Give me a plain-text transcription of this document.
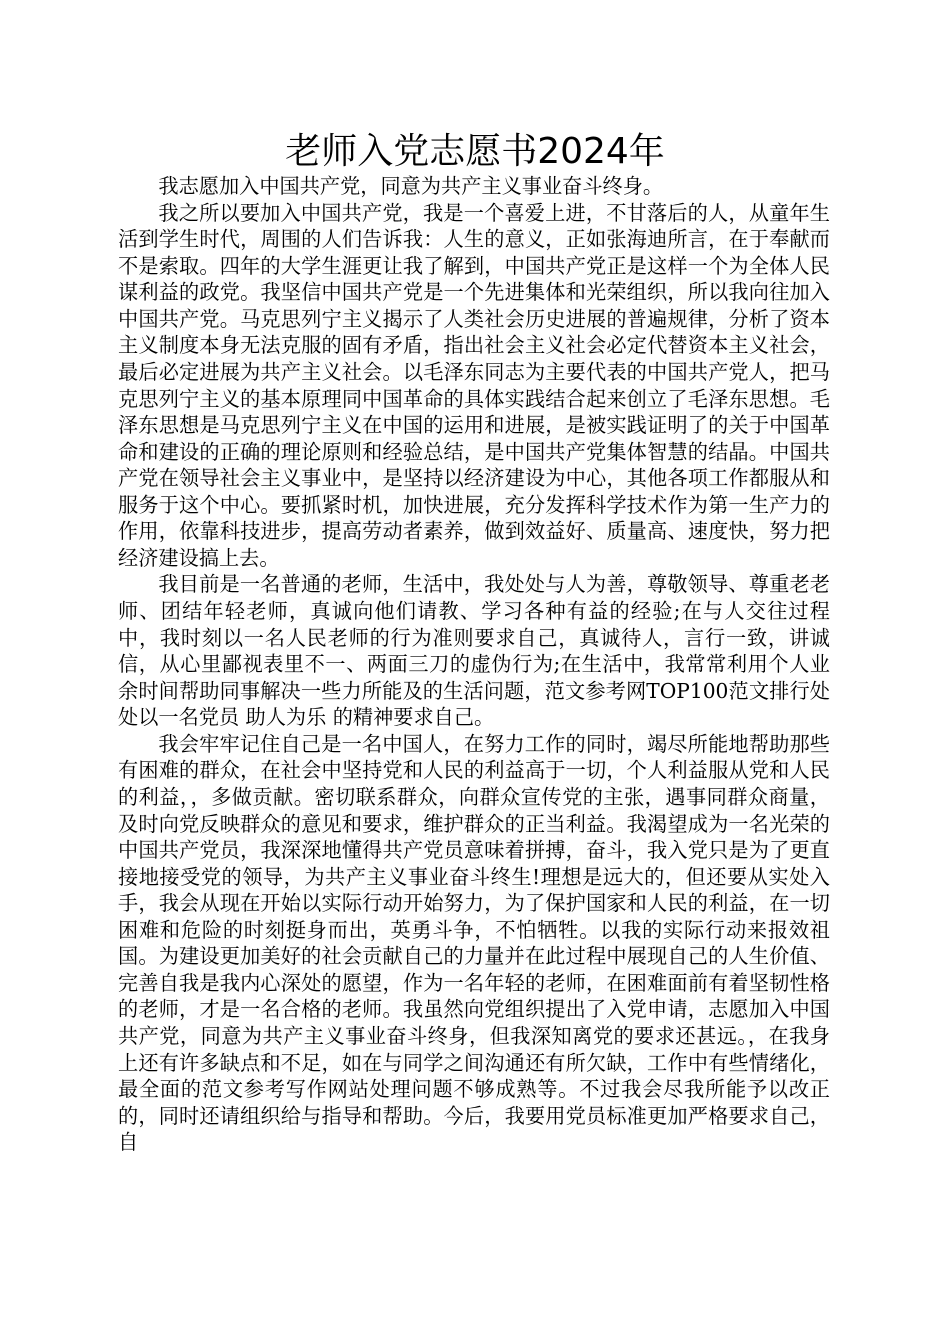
老师入党志愿书2024年

我志愿加入中国共产党，同意为共产主义事业奋斗终身。

我之所以要加入中国共产党，我是一个喜爱上进，不甘落后的人，从童年生活到学生时代，周围的人们告诉我：人生的意义，正如张海迪所言，在于奉献而不是索取。四年的大学生涯更让我了解到，中国共产党正是这样一个为全体人民谋利益的政党。我坚信中国共产党是一个先进集体和光荣组织，所以我向往加入中国共产党。马克思列宁主义揭示了人类社会历史进展的普遍规律，分析了资本主义制度本身无法克服的固有矛盾，指出社会主义社会必定代替资本主义社会，最后必定进展为共产主义社会。以毛泽东同志为主要代表的中国共产党人，把马克思列宁主义的基本原理同中国革命的具体实践结合起来创立了毛泽东思想。毛泽东思想是马克思列宁主义在中国的运用和进展，是被实践证明了的关于中国革命和建设的正确的理论原则和经验总结，是中国共产党集体智慧的结晶。中国共产党在领导社会主义事业中，是坚持以经济建设为中心，其他各项工作都服从和服务于这个中心。要抓紧时机，加快进展，充分发挥科学技术作为第一生产力的作用，依靠科技进步，提高劳动者素养，做到效益好、质量高、速度快，努力把经济建设搞上去。

我目前是一名普通的老师，生活中，我处处与人为善，尊敬领导、尊重老老师、团结年轻老师，真诚向他们请教、学习各种有益的经验;在与人交往过程中，我时刻以一名人民老师的行为准则要求自己，真诚待人，言行一致，讲诚信，从心里鄙视表里不一、两面三刀的虚伪行为;在生活中，我常常利用个人业余时间帮助同事解决一些力所能及的生活问题，范文参考网TOP100范文排行处处以一名党员 助人为乐 的精神要求自己。

我会牢牢记住自己是一名中国人，在努力工作的同时，竭尽所能地帮助那些有困难的群众，在社会中坚持党和人民的利益高于一切，个人利益服从党和人民的利益，，多做贡献。密切联系群众，向群众宣传党的主张，遇事同群众商量，及时向党反映群众的意见和要求，维护群众的正当利益。我渴望成为一名光荣的中国共产党员，我深深地懂得共产党员意味着拼搏，奋斗，我入党只是为了更直接地接受党的领导，为共产主义事业奋斗终生!理想是远大的，但还要从实处入手，我会从现在开始以实际行动开始努力，为了保护国家和人民的利益，在一切困难和危险的时刻挺身而出，英勇斗争，不怕牺牲。以我的实际行动来报效祖国。为建设更加美好的社会贡献自己的力量并在此过程中展现自己的人生价值、完善自我是我内心深处的愿望，作为一名年轻的老师，在困难面前有着坚韧性格的老师，才是一名合格的老师。我虽然向党组织提出了入党申请，志愿加入中国共产党，同意为共产主义事业奋斗终身，但我深知离党的要求还甚远。，在我身上还有许多缺点和不足，如在与同学之间沟通还有所欠缺，工作中有些情绪化，最全面的范文参考写作网站处理问题不够成熟等。不过我会尽我所能予以改正的，同时还请组织给与指导和帮助。今后，我要用党员标准更加严格要求自己，自
